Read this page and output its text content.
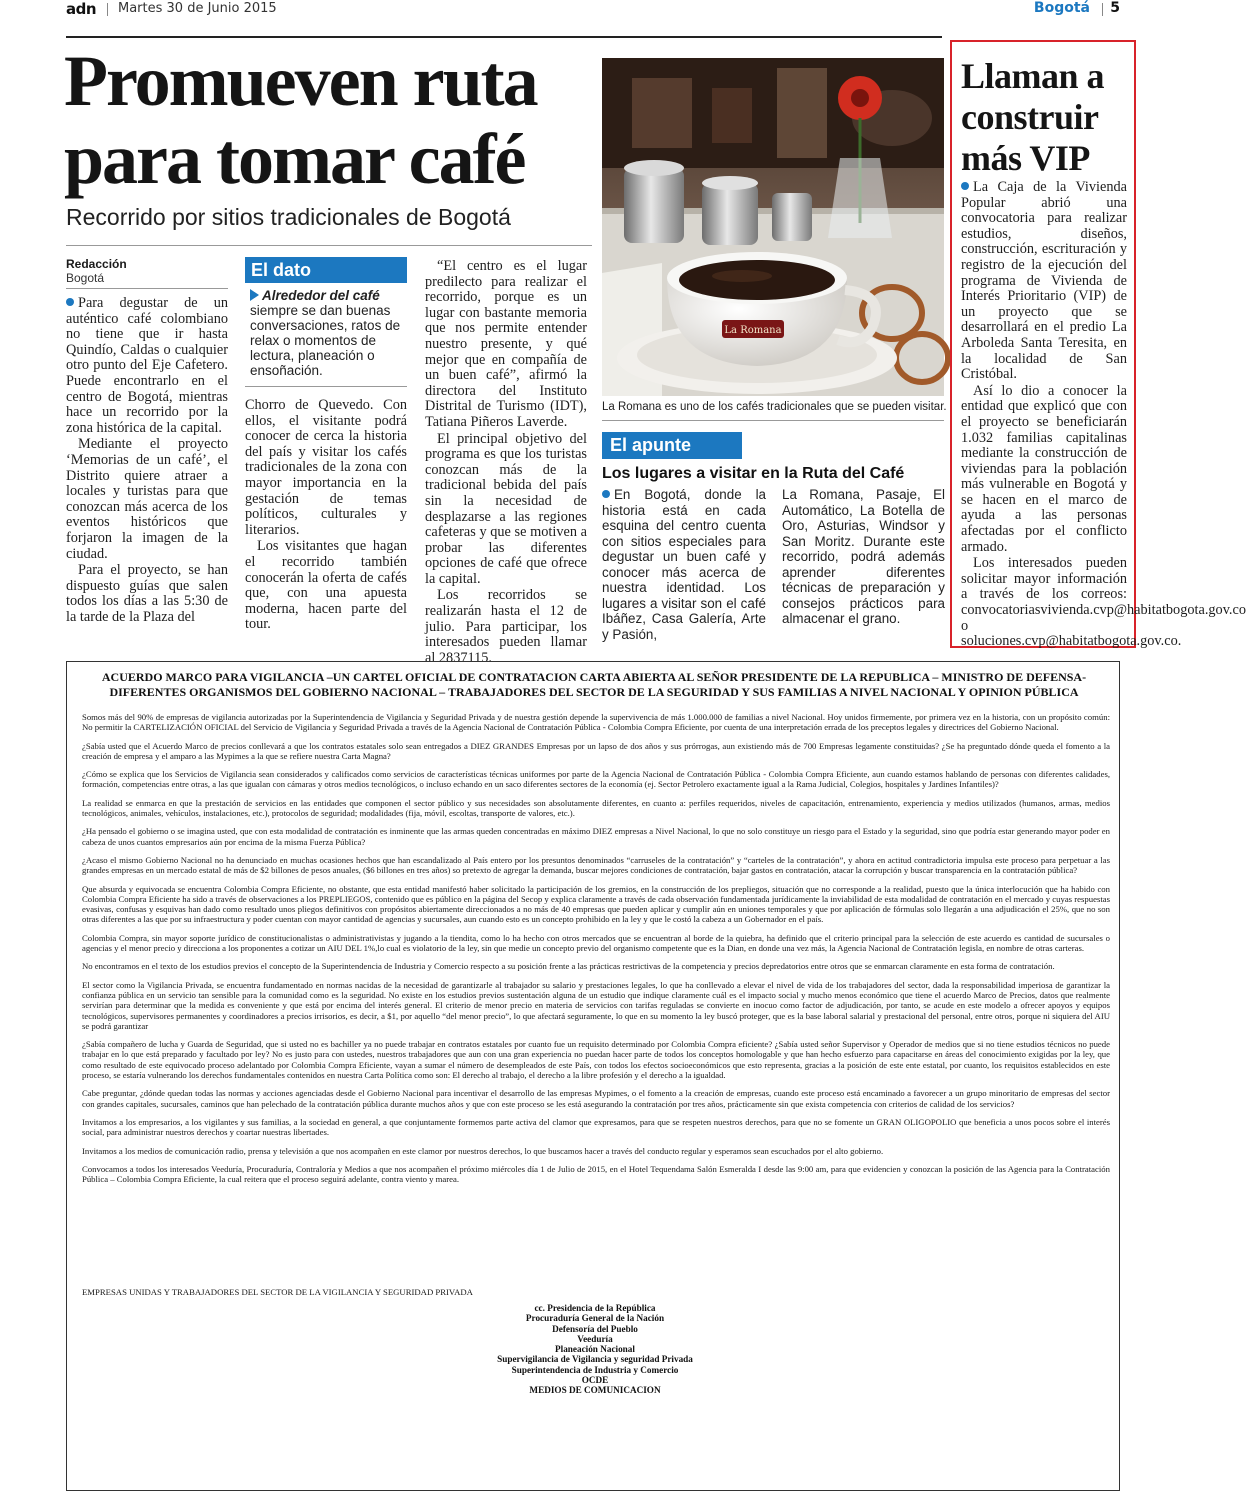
adn Martes 30 de Junio 2015	Bogotá 5
Promueven ruta
para tomar café
Recorrido por sitios tradicionales de Bogotá
Redacción
Bogotá

Para degustar de un auténtico café colombiano no tiene que ir hasta Quindío, Caldas o cualquier otro punto del Eje Cafetero. Puede encontrarlo en el centro de Bogotá, mientras hace un recorrido por la zona histórica de la capital.

Mediante el proyecto ‘Memorias de un café’, el Distrito quiere atraer a locales y turistas para que conozcan más acerca de los eventos históricos que forjaron la imagen de la ciudad.

Para el proyecto, se han dispuesto guías que salen todos los días a las 5:30 de la tarde de la Plaza del

El dato
Alrededor del café siempre se dan buenas conversaciones, ratos de relax o momentos de lectura, planeación o ensoñación.

Chorro de Quevedo. Con ellos, el visitante podrá conocer de cerca la historia del país y visitar los cafés tradicionales de la zona con mayor importancia en la gestación de temas políticos, culturales y literarios.

Los visitantes que hagan el recorrido también conocerán la oferta de cafés que, con una apuesta moderna, hacen parte del tour.

“El centro es el lugar predilecto para realizar el recorrido, porque es un lugar con bastante memoria que nos permite entender nuestro presente, y qué mejor que en compañía de un buen café”, afirmó la directora del Instituto Distrital de Turismo (IDT), Tatiana Piñeros Laverde.

El principal objetivo del programa es que los turistas conozcan más de la tradicional bebida del país sin la necesidad de desplazarse a las regiones cafeteras y que se motiven a probar las diferentes opciones de café que ofrece la capital.

Los recorridos se realizarán hasta el 12 de julio. Para participar, los interesados pueden llamar al 2837115.

La Romana
La Romana es uno de los cafés tradicionales que se pueden visitar.
El apunte
Los lugares a visitar en la Ruta del Café
En Bogotá, donde la historia está en cada esquina del centro cuenta con sitios especiales para degustar un buen café y conocer más acerca de nuestra identidad. Los lugares a visitar son el café Ibáñez, Casa Galería, Arte y Pasión,
La Romana, Pasaje, El Automático, La Botella de Oro, Asturias, Windsor y San Moritz. Durante este recorrido, podrá además aprender diferentes técnicas de preparación y consejos prácticos para almacenar el grano.
Llaman a
construir
más VIP

La Caja de la Vivienda Popular abrió una convocatoria para realizar estudios, diseños, construcción, escrituración y registro de la ejecución del programa de Vivienda de Interés Prioritario (VIP) de un proyecto que se desarrollará en el predio La Arboleda Santa Teresita, en la localidad de San Cristóbal.

Así lo dio a conocer la entidad que explicó que con el proyecto se beneficiarán 1.032 familias capitalinas mediante la construcción de viviendas para la población más vulnerable en Bogotá y se hacen en el marco de ayuda a las personas afectadas por el conflicto armado.

Los interesados pueden solicitar mayor información a través de los correos: convocatoriasvivienda.cvp@habitatbogota.gov.co o soluciones.cvp@habitatbogota.gov.co.

ACUERDO MARCO PARA VIGILANCIA –UN CARTEL OFICIAL DE CONTRATACION CARTA ABIERTA AL SEÑOR PRESIDENTE DE LA REPUBLICA – MINISTRO DE DEFENSA- DIFERENTES ORGANISMOS DEL GOBIERNO NACIONAL – TRABAJADORES DEL SECTOR DE LA SEGURIDAD Y SUS FAMILIAS A NIVEL NACIONAL Y OPINION PÚBLICA

Somos más del 90% de empresas de vigilancia autorizadas por la Superintendencia de Vigilancia y Seguridad Privada y de nuestra gestión depende la supervivencia de más 1.000.000 de familias a nivel Nacional. Hoy unidos firmemente, por primera vez en la historia, con un propósito común: No permitir la CARTELIZACIÓN OFICIAL del Servicio de Vigilancia y Seguridad Privada a través de la Agencia Nacional de Contratación Pública - Colombia Compra Eficiente, por cuenta de una interpretación errada de los preceptos legales y directrices del Gobierno Nacional.

¿Sabía usted que el Acuerdo Marco de precios conllevará a que los contratos estatales solo sean entregados a DIEZ GRANDES Empresas por un lapso de dos años y sus prórrogas, aun existiendo más de 700 Empresas legamente constituidas? ¿Se ha preguntado dónde queda el fomento a la creación de empresa y el amparo a las Mypimes a la que se refiere nuestra Carta Magna?

¿Cómo se explica que los Servicios de Vigilancia sean considerados y calificados como servicios de características técnicas uniformes por parte de la Agencia Nacional de Contratación Pública - Colombia Compra Eficiente, aun cuando estamos hablando de personas con diferentes calidades, formación, competencias entre otras, a las que igualan con cámaras y otros medios tecnológicos, o incluso echando en un saco diferentes sectores de la economía (ej. Sector Petrolero exactamente igual a la Rama Judicial, Colegios, hospitales y Jardines Infantiles)?

La realidad se enmarca en que la prestación de servicios en las entidades que componen el sector público y sus necesidades son absolutamente diferentes, en cuanto a: perfiles requeridos, niveles de capacitación, entrenamiento, experiencia y medios utilizados (humanos, armas, medios tecnológicos, animales, vehículos, instalaciones, etc.), protocolos de seguridad; modalidades (fija, móvil, escoltas, transporte de valores, etc.).

¿Ha pensado el gobierno o se imagina usted, que con esta modalidad de contratación es inminente que las armas queden concentradas en máximo DIEZ empresas a Nivel Nacional, lo que no solo constituye un riesgo para el Estado y la seguridad, sino que podría estar generando mayor poder en cabeza de unos cuantos empresarios aún por encima de la misma Fuerza Pública?

¿Acaso el mismo Gobierno Nacional no ha denunciado en muchas ocasiones hechos que han escandalizado al País entero por los presuntos denominados “carruseles de la contratación” y “carteles de la contratación”, y ahora en actitud contradictoria impulsa este proceso para perpetuar a las grandes empresas en un mercado estatal de más de $2 billones de pesos anuales, ($6 billones en tres años) so pretexto de agregar la demanda, buscar mejores condiciones de contratación, bajar gastos en contratación, atacar la corrupción y buscar transparencia en la contratación pública?

Que absurda y equivocada se encuentra Colombia Compra Eficiente, no obstante, que esta entidad manifestó haber solicitado la participación de los gremios, en la construcción de los prepliegos, situación que no corresponde a la realidad, puesto que la única interlocución que ha habido con Colombia Compra Eficiente ha sido a través de observaciones a los PREPLIEGOS, contenido que es público en la página del Secop y explica claramente a través de cada observación fundamentada jurídicamente la inviabilidad de esta modalidad de contratación en el mercado y cuyas respuestas evasivas, confusas y esquivas han dado como resultado unos pliegos definitivos con propósitos abiertamente direccionados a no más de 40 empresas que pueden aplicar y cumplir aún en uniones temporales y que por aplicación de fórmulas solo llegarán a una adjudicación el 25%, que no son otras diferentes a las que por su infraestructura y poder cuentan con mayor cantidad de agencias y sucursales, aun cuando esto es un concepto prohibido en la ley y que le costó la cabeza a un Gobernador en el país.

Colombia Compra, sin mayor soporte jurídico de constitucionalistas o administrativistas y jugando a la tiendita, como lo ha hecho con otros mercados que se encuentran al borde de la quiebra, ha definido que el criterio principal para la selección de este acuerdo es cantidad de sucursales o agencias y el menor precio y direcciona a los proponentes a cotizar un AIU DEL 1%,lo cual es violatorio de la ley, sin que medie un concepto previo del organismo competente que es la Dian, en donde una vez más, la Agencia Nacional de Contratación legisla, en nombre de otras carteras.

No encontramos en el texto de los estudios previos el concepto de la Superintendencia de Industria y Comercio respecto a su posición frente a las prácticas restrictivas de la competencia y precios depredatorios entre otros que se enmarcan claramente en esta forma de contratación.

El sector como la Vigilancia Privada, se encuentra fundamentado en normas nacidas de la necesidad de garantizarle al trabajador su salario y prestaciones legales, lo que ha conllevado a elevar el nivel de vida de los trabajadores del sector, dada la responsabilidad imperiosa de garantizar la confianza pública en un servicio tan sensible para la comunidad como es la seguridad. No existe en los estudios previos sustentación alguna de un estudio que indique claramente cuál es el impacto social y mucho menos económico que tiene el acuerdo Marco de Precios, datos que realmente servirían para determinar que la medida es conveniente y que está por encima del interés general. El criterio de menor precio en materia de servicios con tarifas reguladas se convierte en inocuo como factor de adjudicación, por tanto, se acude en este modelo a ofrecer apoyos y equipos tecnológicos, supervisores permanentes y coordinadores a precios irrisorios, es decir, a $1, por aquello “del menor precio”, lo que afectará seguramente, lo que en su momento la ley buscó proteger, que es la base laboral salarial y prestacional del personal, entre otros, porque ni siquiera del AIU se podrá garantizar

¿Sabía compañero de lucha y Guarda de Seguridad, que si usted no es bachiller ya no puede trabajar en contratos estatales por cuanto fue un requisito determinado por Colombia Compra eficiente? ¿Sabía usted señor Supervisor y Operador de medios que si no tiene estudios técnicos no puede trabajar en lo que está preparado y facultado por ley? No es justo para con ustedes, nuestros trabajadores que aun con una gran experiencia no puedan hacer parte de todos los conceptos homologable y que han hecho esfuerzo para capacitarse en áreas del conocimiento exigidas por la ley, que como resultado de este equivocado proceso adelantado por Colombia Compra Eficiente, vayan a sumar el número de desempleados de este País, con todos los efectos socioeconómicos que esto representa, gracias a la posición de este ente estatal, por cuanto, los requisitos establecidos en este proceso, se estaría vulnerando los derechos fundamentales contenidos en nuestra Carta Política como son: El derecho al trabajo, el derecho a la libre profesión y el derecho a la igualdad.

Cabe preguntar, ¿dónde quedan todas las normas y acciones agenciadas desde el Gobierno Nacional para incentivar el desarrollo de las empresas Mypimes, o el fomento a la creación de empresas, cuando este proceso está encaminado a favorecer a un grupo minoritario de empresas del sector con grandes capitales, sucursales, caminos que han pelechado de la contratación pública durante muchos años y que con este proceso se les está asegurando la contratación por tres años, prácticamente sin que exista competencia con criterios de calidad de los servicios?

Invitamos a los empresarios, a los vigilantes y sus familias, a la sociedad en general, a que conjuntamente formemos parte activa del clamor que expresamos, para que se respeten nuestros derechos, para que no se fomente un GRAN OLIGOPOLIO que beneficia a unos pocos sobre el interés social, para administrar nuestros derechos y coartar nuestras libertades.

Invitamos a los medios de comunicación radio, prensa y televisión a que nos acompañen en este clamor por nuestros derechos, lo que buscamos hacer a través del conducto regular y esperamos sean escuchados por el alto gobierno.

Convocamos a todos los interesados Veeduría, Procuraduría, Contraloría y Medios a que nos acompañen el próximo miércoles día 1 de Julio de 2015, en el Hotel Tequendama Salón Esmeralda I desde las 9:00 am, para que evidencien y conozcan la posición de las Agencia para la Contratación Pública – Colombia Compra Eficiente, la cual reitera que el proceso seguirá adelante, contra viento y marea.

EMPRESAS UNIDAS Y TRABAJADORES DEL SECTOR DE LA VIGILANCIA Y SEGURIDAD PRIVADA
cc. Presidencia de la República
Procuraduría General de la Nación
Defensoría del Pueblo
Veeduría
Planeación Nacional
Supervigilancia de Vigilancia y seguridad Privada
Superintendencia de Industria y Comercio
OCDE
MEDIOS DE COMUNICACION
